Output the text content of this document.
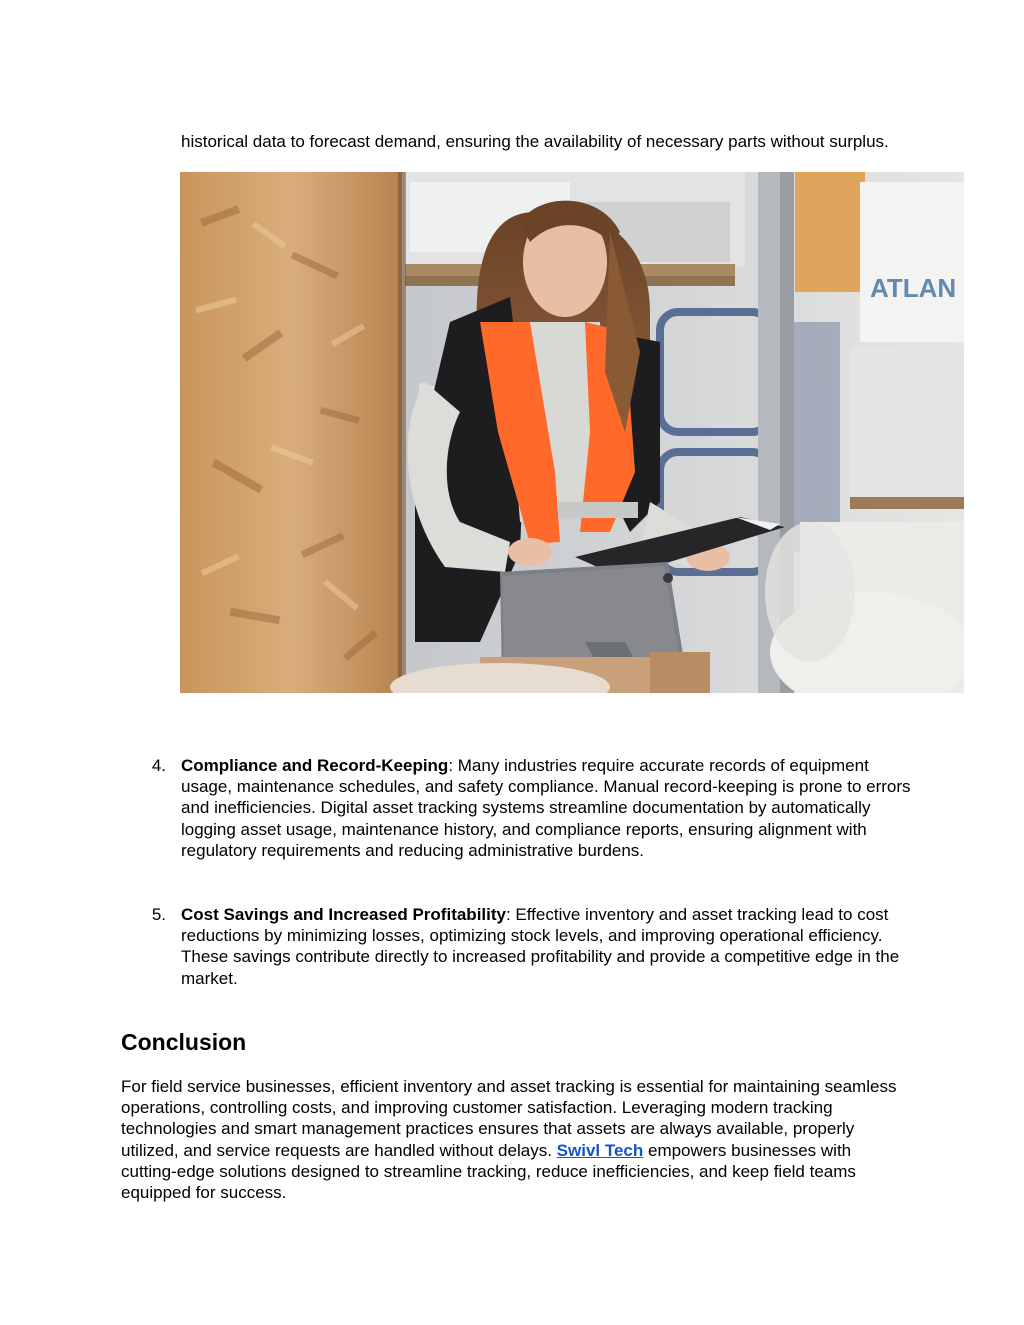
historical data to forecast demand, ensuring the availability of necessary parts without surplus.

ATLAN
4. Compliance and Record-Keeping: Many industries require accurate records of equipment usage, maintenance schedules, and safety compliance. Manual record-keeping is prone to errors and inefficiencies. Digital asset tracking systems streamline documentation by automatically logging asset usage, maintenance history, and compliance reports, ensuring alignment with regulatory requirements and reducing administrative burdens.

5. Cost Savings and Increased Profitability: Effective inventory and asset tracking lead to cost reductions by minimizing losses, optimizing stock levels, and improving operational efficiency. These savings contribute directly to increased profitability and provide a competitive edge in the market.

Conclusion

For field service businesses, efficient inventory and asset tracking is essential for maintaining seamless operations, controlling costs, and improving customer satisfaction. Leveraging modern tracking technologies and smart management practices ensures that assets are always available, properly utilized, and service requests are handled without delays. Swivl Tech empowers businesses with cutting-edge solutions designed to streamline tracking, reduce inefficiencies, and keep field teams equipped for success.
